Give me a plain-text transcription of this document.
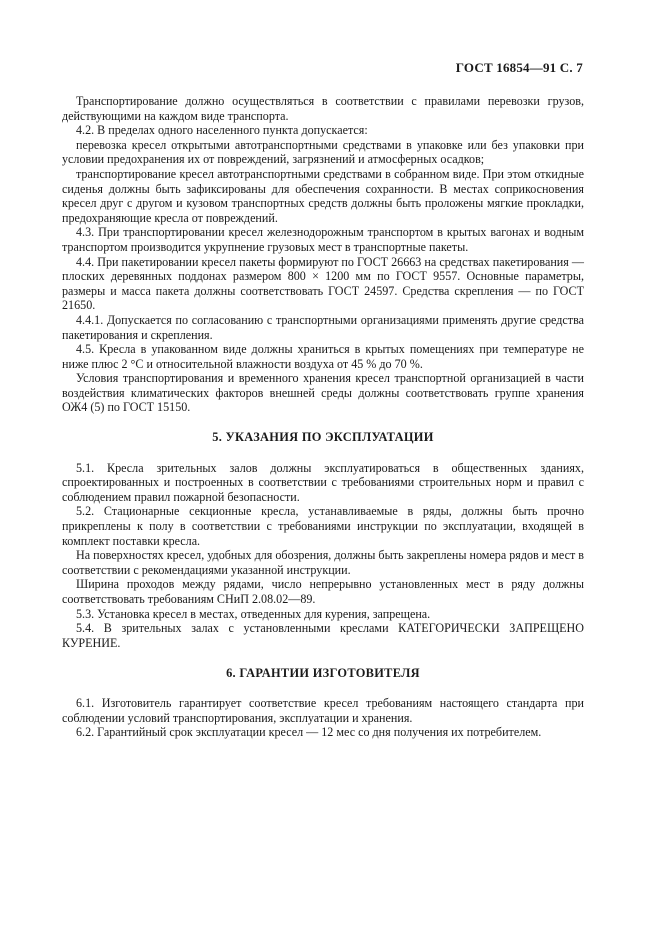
ГОСТ 16854—91 С. 7

Транспортирование должно осуществляться в соответствии с правилами перевозки грузов, действующими на каждом виде транспорта.

4.2. В пределах одного населенного пункта допускается:

перевозка кресел открытыми автотранспортными средствами в упаковке или без упаковки при условии предохранения их от повреждений, загрязнений и атмосферных осадков;

транспортирование кресел автотранспортными средствами в собранном виде. При этом откидные сиденья должны быть зафиксированы для обеспечения сохранности. В местах соприкосновения кресел друг с другом и кузовом транспортных средств должны быть проложены мягкие прокладки, предохраняющие кресла от повреждений.

4.3. При транспортировании кресел железнодорожным транспортом в крытых вагонах и водным транспортом производится укрупнение грузовых мест в транспортные пакеты.

4.4. При пакетировании кресел пакеты формируют по ГОСТ 26663 на средствах пакетирования — плоских деревянных поддонах размером 800 × 1200 мм по ГОСТ 9557. Основные параметры, размеры и масса пакета должны соответствовать ГОСТ 24597. Средства скрепления — по ГОСТ 21650.

4.4.1. Допускается по согласованию с транспортными организациями применять другие средства пакетирования и скрепления.

4.5. Кресла в упакованном виде должны храниться в крытых помещениях при температуре не ниже плюс 2 °С и относительной влажности воздуха от 45 % до 70 %.

Условия транспортирования и временного хранения кресел транспортной организацией в части воздействия климатических факторов внешней среды должны соответствовать группе хранения ОЖ4 (5) по ГОСТ 15150.

5. УКАЗАНИЯ ПО ЭКСПЛУАТАЦИИ

5.1. Кресла зрительных залов должны эксплуатироваться в общественных зданиях, спроектированных и построенных в соответствии с требованиями строительных норм и правил с соблюдением правил пожарной безопасности.

5.2. Стационарные секционные кресла, устанавливаемые в ряды, должны быть прочно прикреплены к полу в соответствии с требованиями инструкции по эксплуатации, входящей в комплект поставки кресла.

На поверхностях кресел, удобных для обозрения, должны быть закреплены номера рядов и мест в соответствии с рекомендациями указанной инструкции.

Ширина проходов между рядами, число непрерывно установленных мест в ряду должны соответствовать требованиям СНиП 2.08.02—89.

5.3. Установка кресел в местах, отведенных для курения, запрещена.

5.4. В зрительных залах с установленными креслами КАТЕГОРИЧЕСКИ ЗАПРЕЩЕНО КУРЕНИЕ.

6. ГАРАНТИИ ИЗГОТОВИТЕЛЯ

6.1. Изготовитель гарантирует соответствие кресел требованиям настоящего стандарта при соблюдении условий транспортирования, эксплуатации и хранения.

6.2. Гарантийный срок эксплуатации кресел — 12 мес со дня получения их потребителем.
